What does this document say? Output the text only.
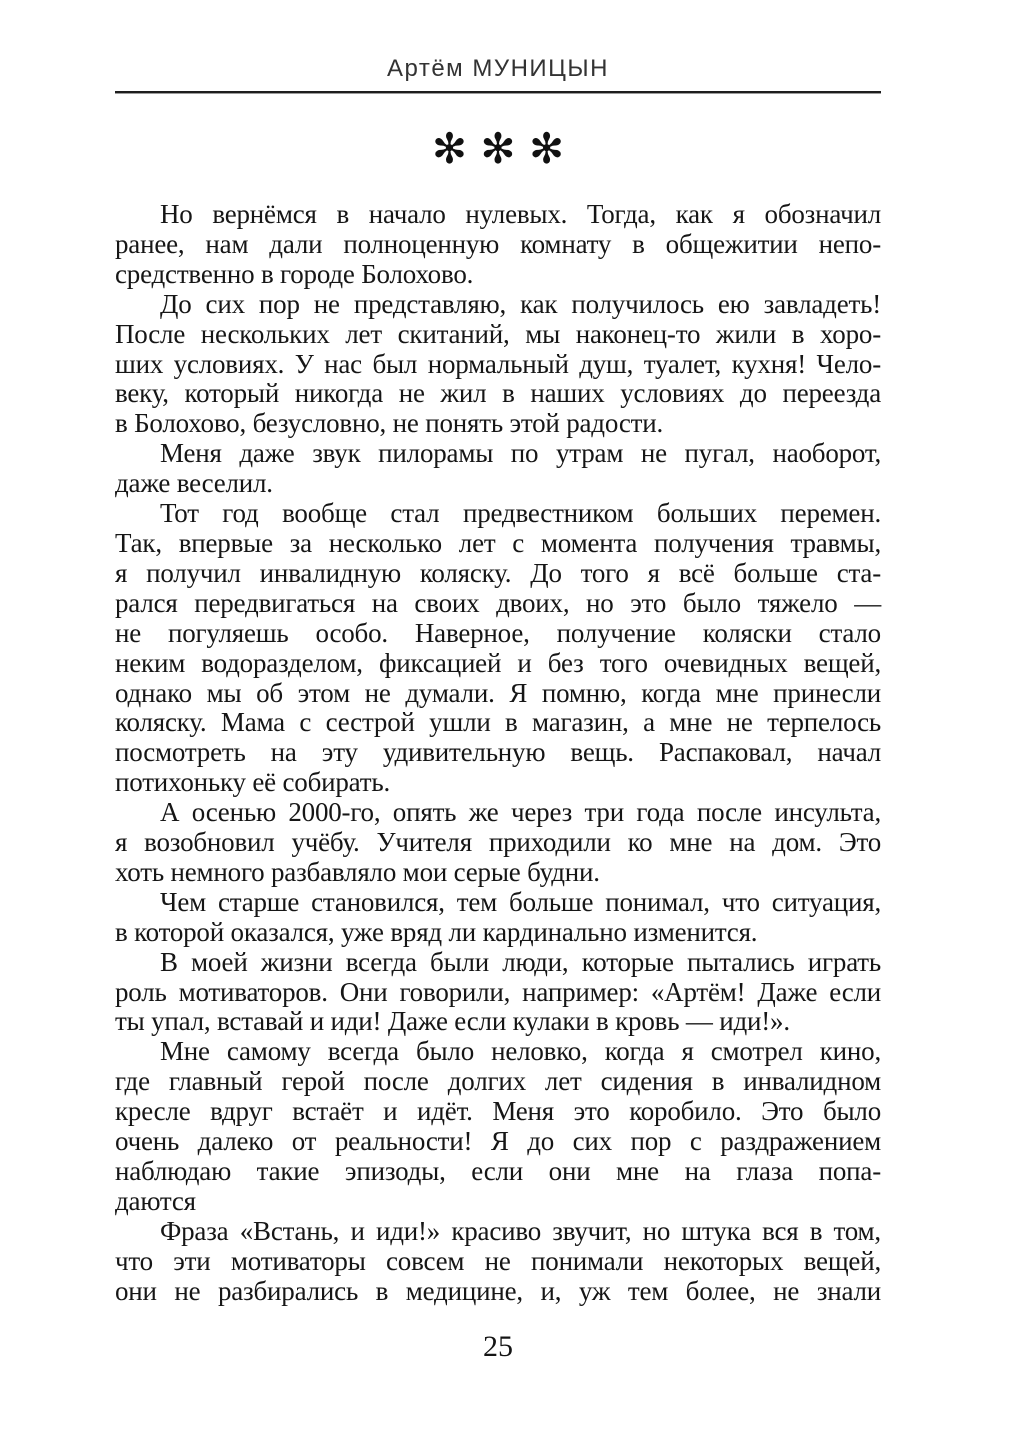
Артём МУНИЦЫН
✻ ✻ ✻

Но вернёмся в начало нулевых. Тогда, как я обозначил
ранее, нам дали полноценную комнату в общежитии непо-
средственно в городе Болохово.

До сих пор не представляю, как получилось ею завладеть!
После нескольких лет скитаний, мы наконец-то жили в хоро-
ших условиях. У нас был нормальный душ, туалет, кухня! Чело-
веку, который никогда не жил в наших условиях до переезда
в Болохово, безусловно, не понять этой радости.

Меня даже звук пилорамы по утрам не пугал, наоборот,
даже веселил.

Тот год вообще стал предвестником больших перемен.
Так, впервые за несколько лет с момента получения травмы,
я получил инвалидную коляску. До того я всё больше ста-
рался передвигаться на своих двоих, но это было тяжело —
не погуляешь особо. Наверное, получение коляски стало
неким водоразделом, фиксацией и без того очевидных вещей,
однако мы об этом не думали. Я помню, когда мне принесли
коляску. Мама с сестрой ушли в магазин, а мне не терпелось
посмотреть на эту удивительную вещь. Распаковал, начал
потихоньку её собирать.

А осенью 2000-го, опять же через три года после инсульта,
я возобновил учёбу. Учителя приходили ко мне на дом. Это
хоть немного разбавляло мои серые будни.

Чем старше становился, тем больше понимал, что ситуация,
в которой оказался, уже вряд ли кардинально изменится.

В моей жизни всегда были люди, которые пытались играть
роль мотиваторов. Они говорили, например: «Артём! Даже если
ты упал, вставай и иди! Даже если кулаки в кровь — иди!».

Мне самому всегда было неловко, когда я смотрел кино,
где главный герой после долгих лет сидения в инвалидном
кресле вдруг встаёт и идёт. Меня это коробило. Это было
очень далеко от реальности! Я до сих пор с раздражением
наблюдаю такие эпизоды, если они мне на глаза попа-
даются

Фраза «Встань, и иди!» красиво звучит, но штука вся в том,
что эти мотиваторы совсем не понимали некоторых вещей,
они не разбирались в медицине, и, уж тем более, не знали

25
